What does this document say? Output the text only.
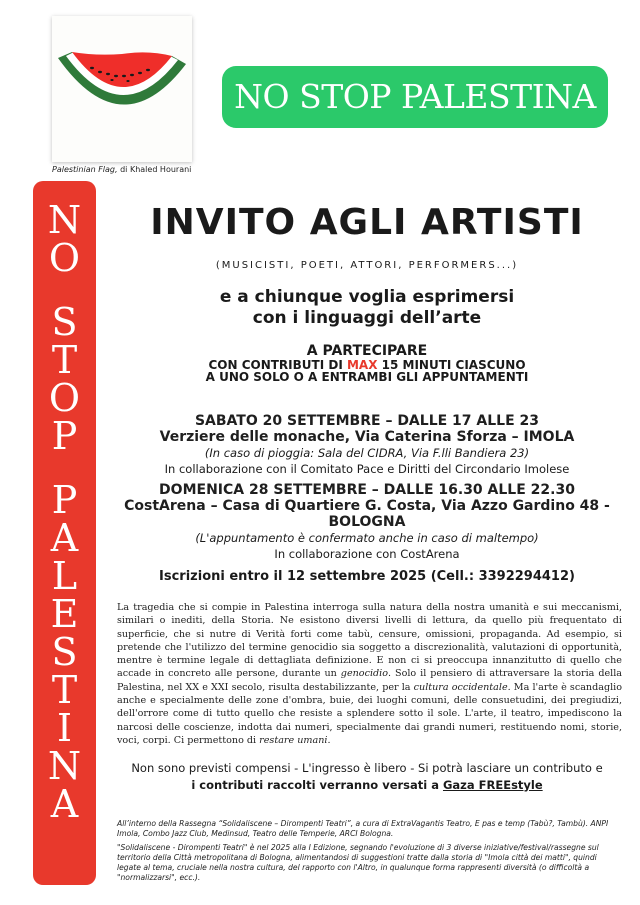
Palestinian Flag, di Khaled Hourani
NO STOP PALESTINA
N
O
S
T
O
P
P
A
L
E
S
T
I
N
A
INVITO AGLI ARTISTI
(MUSICISTI, POETI, ATTORI, PERFORMERS...)
e a chiunque voglia esprimersi
con i linguaggi dell’arte
A PARTECIPARE
CON CONTRIBUTI DI MAX 15 MINUTI CIASCUNO
A UNO SOLO O A ENTRAMBI GLI APPUNTAMENTI
SABATO 20 SETTEMBRE – DALLE 17 ALLE 23
Verziere delle monache, Via Caterina Sforza – IMOLA
(In caso di pioggia: Sala del CIDRA, Via F.lli Bandiera 23)
In collaborazione con il Comitato Pace e Diritti del Circondario Imolese
DOMENICA 28 SETTEMBRE – DALLE 16.30 ALLE 22.30
CostArena – Casa di Quartiere G. Costa, Via Azzo Gardino 48 -
BOLOGNA
(L'appuntamento è confermato anche in caso di maltempo)
In collaborazione con CostArena
Iscrizioni entro il 12 settembre 2025 (Cell.: 3392294412)
La tragedia che si compie in Palestina interroga sulla natura della nostra umanità e sui meccanismi, similari o inediti, della Storia. Ne esistono diversi livelli di lettura, da quello più frequentato di superficie, che si nutre di Verità forti come tabù, censure, omissioni, propaganda. Ad esempio, si pretende che l'utilizzo del termine genocidio sia soggetto a discrezionalità, valutazioni di opportunità, mentre è termine legale di dettagliata definizione. E non ci si preoccupa innanzitutto di quello che accade in concreto alle persone, durante un genocidio. Solo il pensiero di attraversare la storia della Palestina, nel XX e XXI secolo, risulta destabilizzante, per la cultura occidentale. Ma l'arte è scandaglio anche e specialmente delle zone d'ombra, buie, dei luoghi comuni, delle consuetudini, dei pregiudizi, dell'orrore come di tutto quello che resiste a splendere sotto il sole. L'arte, il teatro, impediscono la narcosi delle coscienze, indotta dai numeri, specialmente dai grandi numeri, restituendo nomi, storie, voci, corpi. Ci permettono di restare umani.
Non sono previsti compensi - L'ingresso è libero - Si potrà lasciare un contributo e
i contributi raccolti verranno versati a Gaza FREEstyle
All’interno della Rassegna “Solidaliscene – Dirompenti Teatri”, a cura di ExtraVagantis Teatro, E pas e temp (Tabù?, Tambù). ANPI Imola, Combo Jazz Club, Medinsud, Teatro delle Temperie, ARCI Bologna.
"Solidaliscene - Dirompenti Teatri" è nel 2025 alla I Edizione, segnando l'evoluzione di 3 diverse iniziative/festival/rassegne sul territorio della Città metropolitana di Bologna, alimentandosi di suggestioni tratte dalla storia di "Imola città dei matti", quindi legate al tema, cruciale nella nostra cultura, del rapporto con l'Altro, in qualunque forma rappresenti diversità (o difficoltà a "normalizzarsi", ecc.).
